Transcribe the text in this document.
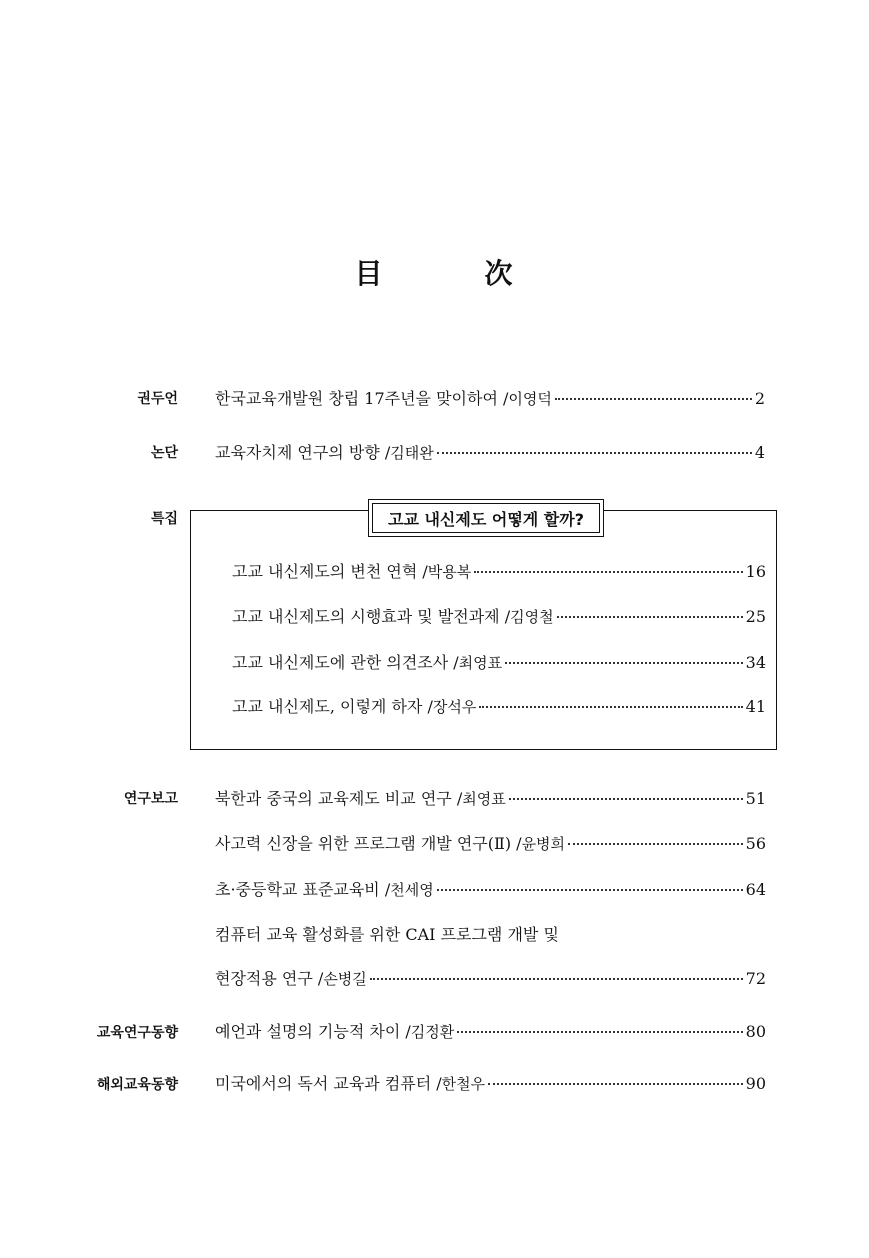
目	次
권두언 한국교육개발원 창립 17주년을 맞이하여 / 이영덕	2
논단 교육자치제 연구의 방향 / 김태완	4
특집	고교 내신제도 어떻게 할까?
고교 내신제도의 변천 연혁 / 박용복	16
고교 내신제도의 시행효과 및 발전과제 / 김영철	25
고교 내신제도에 관한 의견조사 / 최영표	34
고교 내신제도, 이렇게 하자 / 장석우	41
연구보고 북한과 중국의 교육제도 비교 연구 / 최영표	51
사고력 신장을 위한 프로그램 개발 연구(Ⅱ) / 윤병희	56
초·중등학교 표준교육비 / 천세영	64
컴퓨터 교육 활성화를 위한 CAI 프로그램 개발 및
현장적용 연구 / 손병길	72
교육연구동향 예언과 설명의 기능적 차이 / 김정환	80
해외교육동향 미국에서의 독서 교육과 컴퓨터 / 한철우	90
